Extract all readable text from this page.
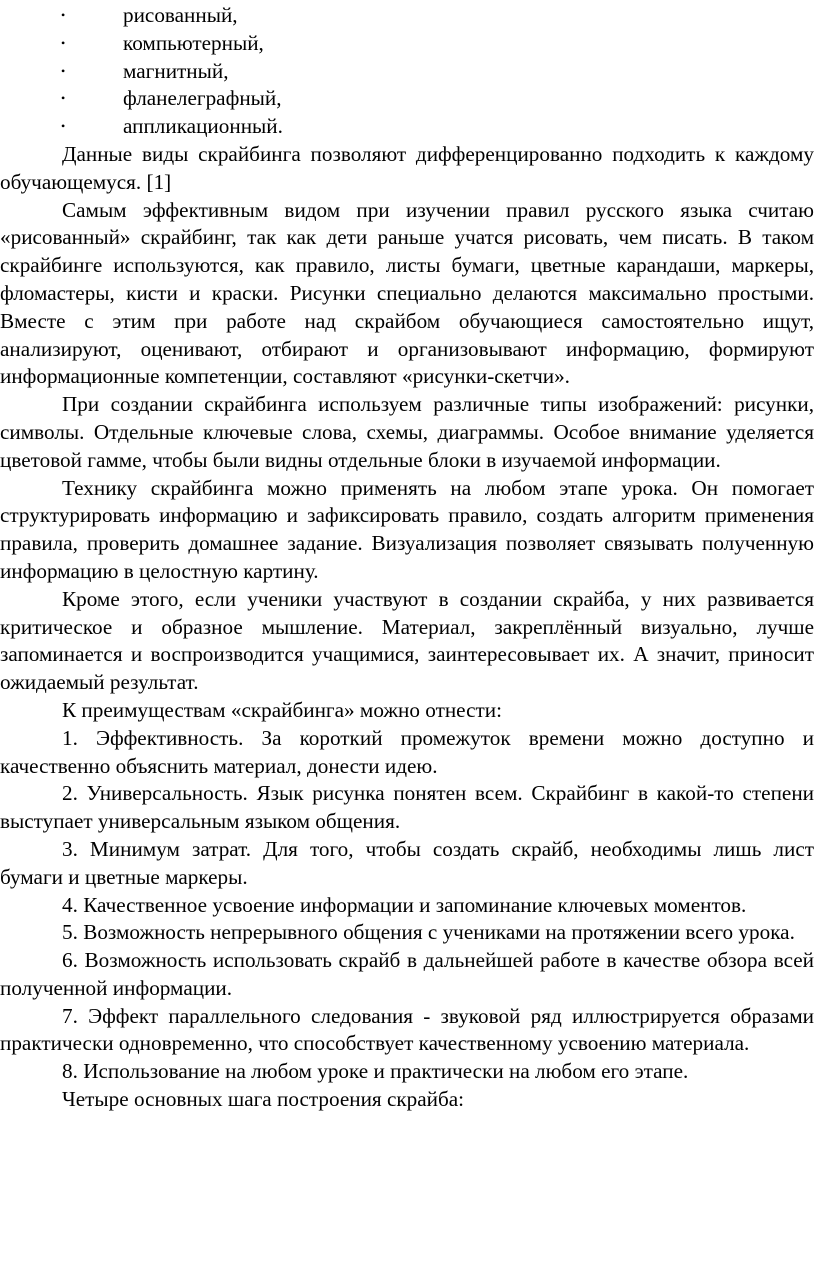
•	рисованный,
•	компьютерный,
•	магнитный,
•	фланелеграфный,
•	аппликационный.

Данные виды скрайбинга позволяют дифференцированно подходить к каждому обучающемуся. [1]

Самым эффективным видом при изучении правил русского языка считаю «рисованный» скрайбинг, так как дети раньше учатся рисовать, чем писать. В таком скрайбинге используются, как правило, листы бумаги, цветные карандаши, маркеры, фломастеры, кисти и краски. Рисунки специально делаются максимально простыми. Вместе с этим при работе над скрайбом обучающиеся самостоятельно ищут, анализируют, оценивают, отбирают и организовывают информацию, формируют информационные компетенции, составляют «рисунки-скетчи».

При создании скрайбинга используем различные типы изображений: рисунки, символы. Отдельные ключевые слова, схемы, диаграммы. Особое внимание уделяется цветовой гамме, чтобы были видны отдельные блоки в изучаемой информации.

Технику скрайбинга можно применять на любом этапе урока. Он помогает структурировать информацию и зафиксировать правило, создать алгоритм применения правила, проверить домашнее задание. Визуализация позволяет связывать полученную информацию в целостную картину.

Кроме этого, если ученики участвуют в создании скрайба, у них развивается критическое и образное мышление. Материал, закреплённый визуально, лучше запоминается и воспроизводится учащимися, заинтересовывает их. А значит, приносит ожидаемый результат.

К преимуществам «скрайбинга» можно отнести:

1. Эффективность. За короткий промежуток времени можно доступно и качественно объяснить материал, донести идею.

2. Универсальность. Язык рисунка понятен всем. Скрайбинг в какой-то степени выступает универсальным языком общения.

3. Минимум затрат. Для того, чтобы создать скрайб, необходимы лишь лист бумаги и цветные маркеры.

4. Качественное усвоение информации и запоминание ключевых моментов.

5. Возможность непрерывного общения с учениками на протяжении всего урока.

6. Возможность использовать скрайб в дальнейшей работе в качестве обзора всей полученной информации.

7. Эффект параллельного следования - звуковой ряд иллюстрируется образами практически одновременно, что способствует качественному усвоению материала.

8. Использование на любом уроке и практически на любом его этапе.

Четыре основных шага построения скрайба:
